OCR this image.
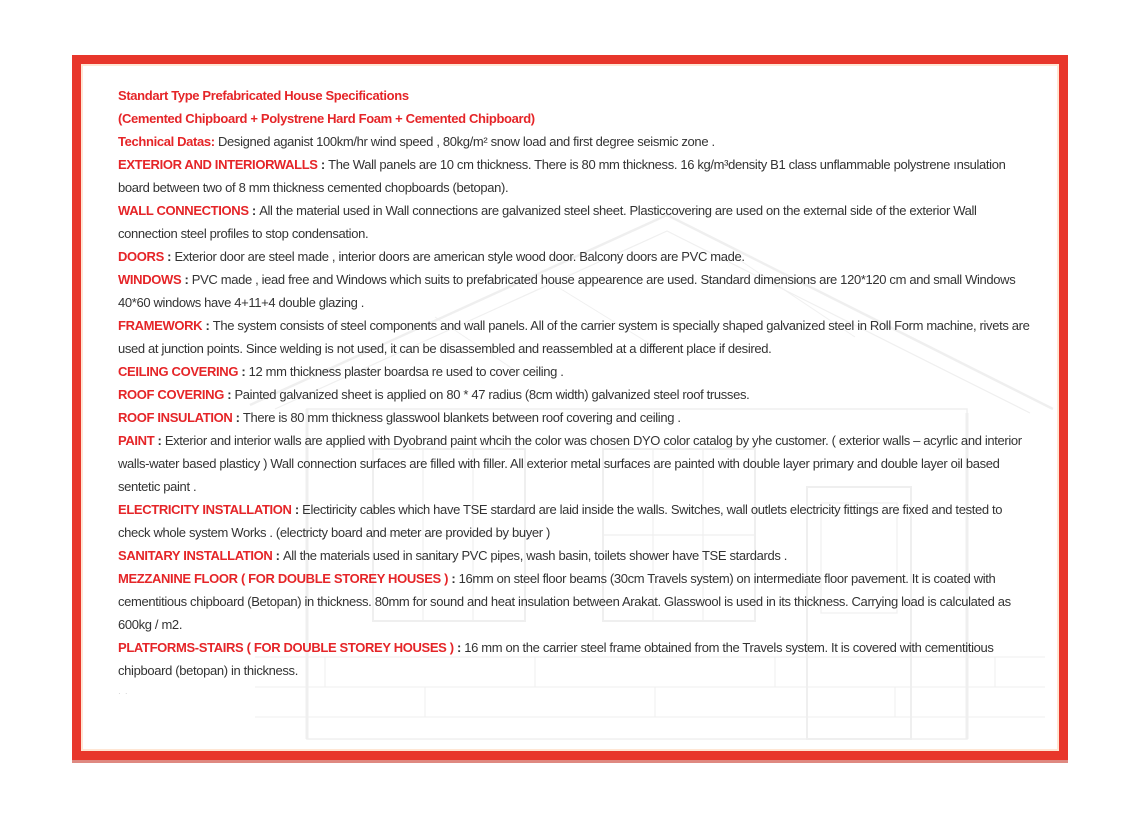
Standart Type Prefabricated House Specifications

(Cemented Chipboard + Polystrene Hard Foam + Cemented Chipboard)

Technical Datas: Designed aganist 100km/hr wind speed , 80kg/m² snow load and first degree seismic zone .

EXTERIOR AND INTERIORWALLS : The Wall panels are 10 cm thickness. There is 80 mm thickness. 16 kg/m³density B1 class unflammable polystrene ınsulation board between two of 8 mm thickness cemented chopboards (betopan).

WALL CONNECTIONS : All the material used in Wall connections are galvanized steel sheet. Plasticcovering are used on the external side of the exterior Wall connection steel profiles to stop condensation.

DOORS : Exterior door are steel made , interior doors are american style wood door. Balcony doors are PVC made.

WINDOWS : PVC made , iead free and Windows which suits to prefabricated house appearence are used. Standard dimensions are 120*120 cm and small Windows 40*60 windows have 4+11+4 double glazing .

FRAMEWORK : The system consists of steel components and wall panels. All of the carrier system is specially shaped galvanized steel in Roll Form machine, rivets are used at junction points. Since welding is not used, it can be disassembled and reassembled at a different place if desired.

CEILING COVERING : 12 mm thickness plaster boardsa re used to cover ceiling .

ROOF COVERING : Painted galvanized sheet is applied on 80 * 47 radius (8cm width) galvanized steel roof trusses.

ROOF INSULATION : There is 80 mm thickness glasswool blankets between roof covering and ceiling .

PAINT : Exterior and interior walls are applied with Dyobrand paint whcih the color was chosen DYO color catalog by yhe customer. ( exterior walls – acyrlic and interior walls-water based plasticy ) Wall connection surfaces are filled with filler. All exterior metal surfaces are painted with double layer primary and double layer oil based sentetic paint .

ELECTRICITY INSTALLATION : Electiricity cables which have TSE stardard are laid inside the walls. Switches, wall outlets electricity fittings are fixed and tested to check whole system Works . (electricty board and meter are provided by buyer )

SANITARY INSTALLATION : All the materials used in sanitary PVC pipes, wash basin, toilets shower have TSE stardards .

MEZZANINE FLOOR ( FOR DOUBLE STOREY HOUSES ) : 16mm on steel floor beams (30cm Travels system) on intermediate floor pavement. It is coated with cementitious chipboard (Betopan) in thickness. 80mm for sound and heat insulation between Arakat. Glasswool is used in its thickness. Carrying load is calculated as 600kg / m2.

PLATFORMS-STAIRS ( FOR DOUBLE STOREY HOUSES ) : 16 mm on the carrier steel frame obtained from the Travels system. It is covered with cementitious chipboard (betopan) in thickness.

· ·
